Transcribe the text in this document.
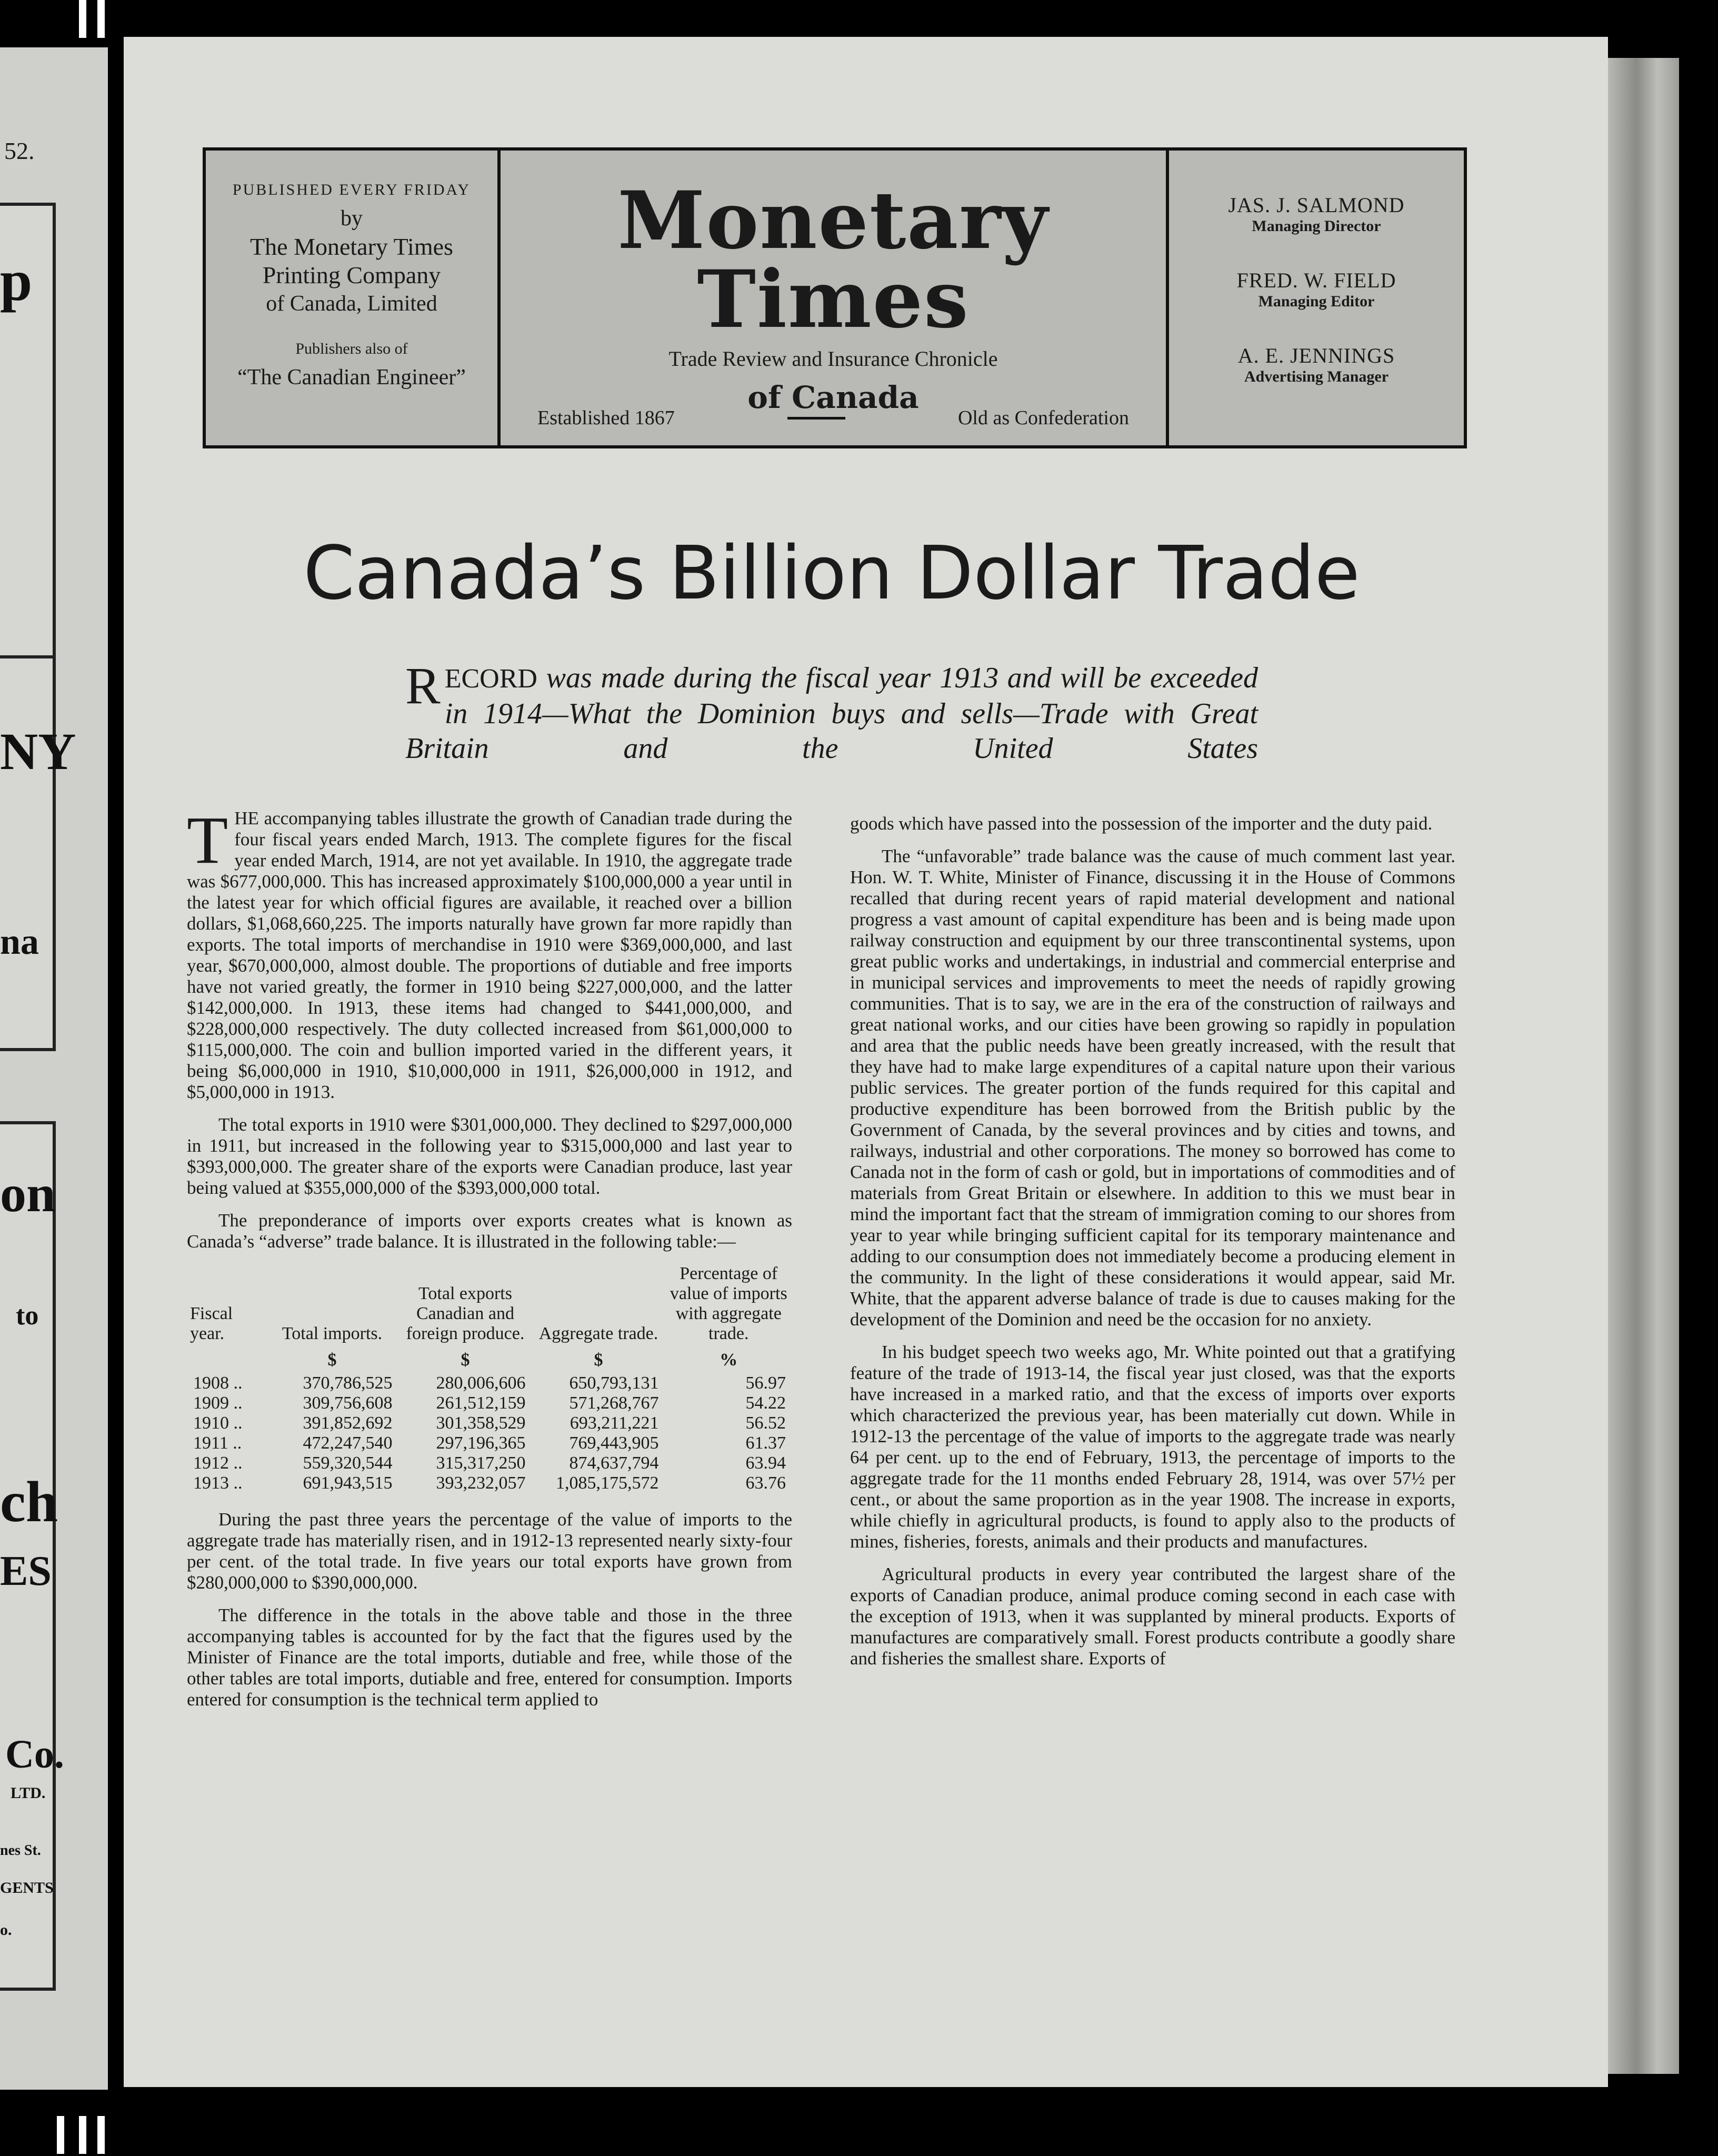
52.
p
NY
na
on
to
ch
ES
Co.
LTD.
nes St.
GENTS
o.
PUBLISHED EVERY FRIDAY
by
The Monetary Times
Printing Company
of Canada, Limited
Publishers also of
“The Canadian Engineer”
Monetary Times
Trade Review and Insurance Chronicle
of Canada
Established 1867	Old as Confederation
JAS. J. SALMOND
Managing Director
FRED. W. FIELD
Managing Editor
A. E. JENNINGS
Advertising Manager
Canada’s Billion Dollar Trade
RECORD was made during the fiscal year 1913 and will be exceeded in 1914—What the Dominion buys and sells—Trade with Great Britain and the United States

THE accompanying tables illustrate the growth of Canadian trade during the four fiscal years ended March, 1913. The complete figures for the fiscal year ended March, 1914, are not yet available. In 1910, the aggregate trade was $677,000,000. This has increased approximately $100,000,000 a year until in the latest year for which official figures are available, it reached over a billion dollars, $1,068,660,225. The imports naturally have grown far more rapidly than exports. The total imports of merchandise in 1910 were $369,000,000, and last year, $670,000,000, almost double. The proportions of dutiable and free imports have not varied greatly, the former in 1910 being $227,000,000, and the latter $142,000,000. In 1913, these items had changed to $441,000,000, and $228,000,000 respectively. The duty collected increased from $61,000,000 to $115,000,000. The coin and bullion imported varied in the different years, it being $6,000,000 in 1910, $10,000,000 in 1911, $26,000,000 in 1912, and $5,000,000 in 1913.

The total exports in 1910 were $301,000,000. They declined to $297,000,000 in 1911, but increased in the following year to $315,000,000 and last year to $393,000,000. The greater share of the exports were Canadian produce, last year being valued at $355,000,000 of the $393,000,000 total.

The preponderance of imports over exports creates what is known as Canada’s “adverse” trade balance. It is illustrated in the following table:—

Fiscal year.	Total imports.	Total exports Canadian and foreign produce.	Aggregate trade.	Percentage of value of imports with aggregate trade.
	$	$	$	%
1908 ..	370,786,525	280,006,606	650,793,131	56.97
1909 ..	309,756,608	261,512,159	571,268,767	54.22
1910 ..	391,852,692	301,358,529	693,211,221	56.52
1911 ..	472,247,540	297,196,365	769,443,905	61.37
1912 ..	559,320,544	315,317,250	874,637,794	63.94
1913 ..	691,943,515	393,232,057	1,085,175,572	63.76

During the past three years the percentage of the value of imports to the aggregate trade has materially risen, and in 1912-13 represented nearly sixty-four per cent. of the total trade. In five years our total exports have grown from $280,000,000 to $390,000,000.

The difference in the totals in the above table and those in the three accompanying tables is accounted for by the fact that the figures used by the Minister of Finance are the total imports, dutiable and free, while those of the other tables are total imports, dutiable and free, entered for consumption. Imports entered for consumption is the technical term applied to

goods which have passed into the possession of the importer and the duty paid.

The “unfavorable” trade balance was the cause of much comment last year. Hon. W. T. White, Minister of Finance, discussing it in the House of Commons recalled that during recent years of rapid material development and national progress a vast amount of capital expenditure has been and is being made upon railway construction and equipment by our three transcontinental systems, upon great public works and undertakings, in industrial and commercial enterprise and in municipal services and improvements to meet the needs of rapidly growing communities. That is to say, we are in the era of the construction of railways and great national works, and our cities have been growing so rapidly in population and area that the public needs have been greatly increased, with the result that they have had to make large expenditures of a capital nature upon their various public services. The greater portion of the funds required for this capital and productive expenditure has been borrowed from the British public by the Government of Canada, by the several provinces and by cities and towns, and railways, industrial and other corporations. The money so borrowed has come to Canada not in the form of cash or gold, but in importations of commodities and of materials from Great Britain or elsewhere. In addition to this we must bear in mind the important fact that the stream of immigration coming to our shores from year to year while bringing sufficient capital for its temporary maintenance and adding to our consumption does not immediately become a producing element in the community. In the light of these considerations it would appear, said Mr. White, that the apparent adverse balance of trade is due to causes making for the development of the Dominion and need be the occasion for no anxiety.

In his budget speech two weeks ago, Mr. White pointed out that a gratifying feature of the trade of 1913-14, the fiscal year just closed, was that the exports have increased in a marked ratio, and that the excess of imports over exports which characterized the previous year, has been materially cut down. While in 1912-13 the percentage of the value of imports to the aggregate trade was nearly 64 per cent. up to the end of February, 1913, the percentage of imports to the aggregate trade for the 11 months ended February 28, 1914, was over 57½ per cent., or about the same proportion as in the year 1908. The increase in exports, while chiefly in agricultural products, is found to apply also to the products of mines, fisheries, forests, animals and their products and manufactures.

Agricultural products in every year contributed the largest share of the exports of Canadian produce, animal produce coming second in each case with the exception of 1913, when it was supplanted by mineral products. Exports of manufactures are comparatively small. Forest products contribute a goodly share and fisheries the smallest share. Exports of
